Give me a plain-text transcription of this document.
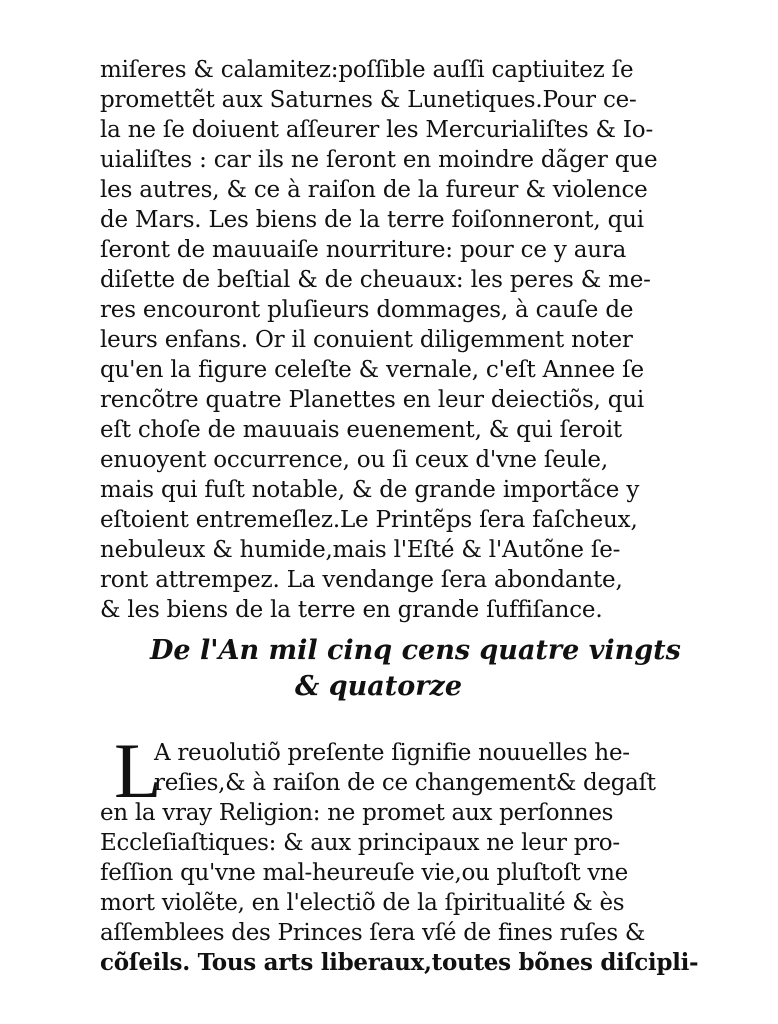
miſeres & calamitez:poſſible auſſi captiuitez ſe
promettẽt aux Saturnes & Lunetiques.Pour ce-
la ne ſe doiuent aſſeurer les Mercurialiſtes & Io-
uialiſtes : car ils ne ſeront en moindre dãger que
les autres, & ce à raiſon de la fureur & violence
de Mars. Les biens de la terre foiſonneront, qui
ſeront de mauuaiſe nourriture: pour ce y aura
diſette de beſtial & de cheuaux: les peres & me-
res encouront pluſieurs dommages, à cauſe de
leurs enfans. Or il conuient diligemment noter
qu'en la figure celeſte & vernale, c'eſt Annee ſe
rencõtre quatre Planettes en leur deiectiõs, qui
eſt choſe de mauuais euenement, & qui ſeroit
enuoyent occurrence, ou ſi ceux d'vne ſeule,
mais qui fuſt notable, & de grande importãce y
eſtoient entremeſlez.Le Printẽps ſera faſcheux,
nebuleux & humide,mais l'Eſté & l'Autõne ſe-
ront attrempez. La vendange ſera abondante,
& les biens de la terre en grande ſuffiſance.
De l'An mil cinq cens quatre vingts
& quatorze
L
A reuolutiõ preſente ſignifie nouuelles he-
reſies,& à raiſon de ce changement& degaſt
en la vray Religion: ne promet aux perſonnes
Eccleſiaſtiques: & aux principaux ne leur pro-
feſſion qu'vne mal-heureuſe vie,ou pluſtoſt vne
mort violẽte, en l'electiõ de la ſpiritualité & ès
aſſemblees des Princes ſera vſé de fines ruſes &
cõſeils. Tous arts liberaux,toutes bõnes diſcipli-
